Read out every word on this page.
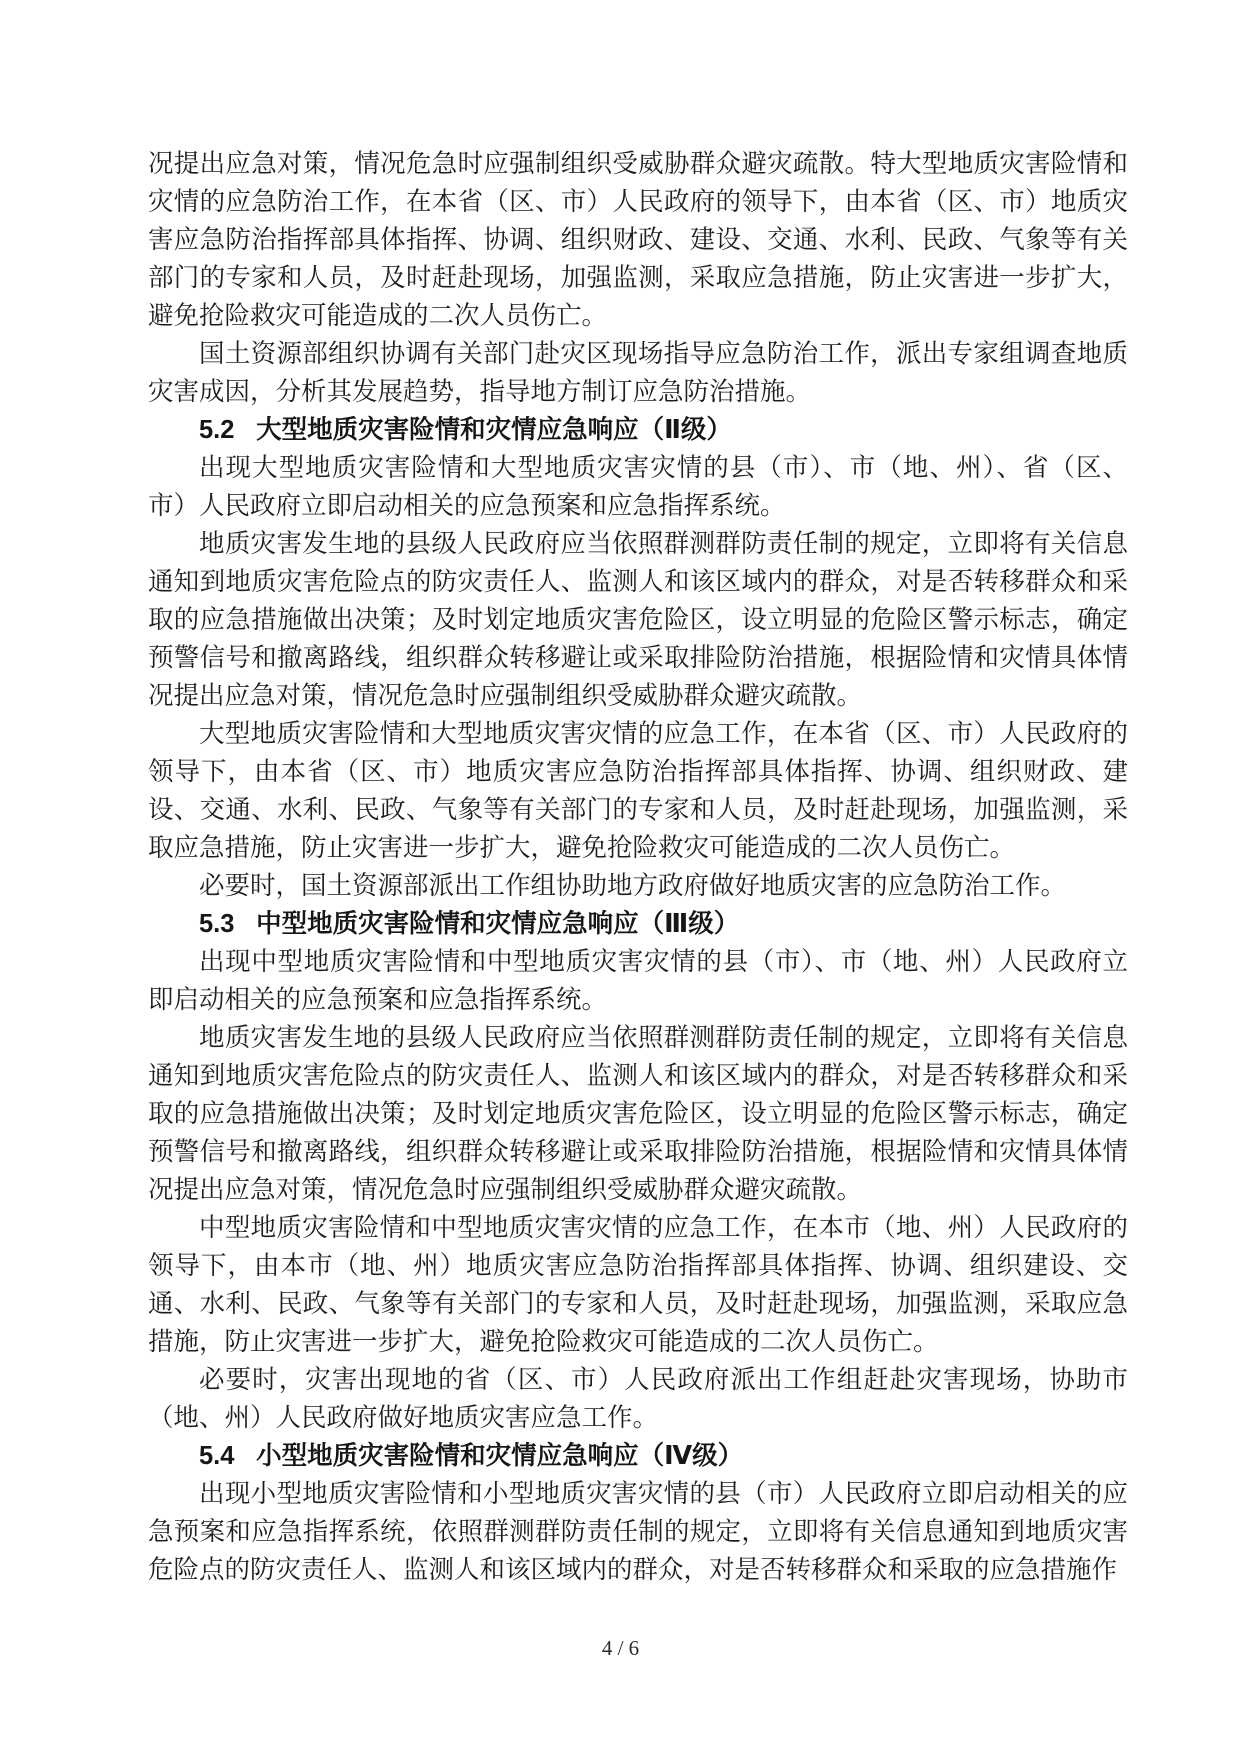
况提出应急对策，情况危急时应强制组织受威胁群众避灾疏散。特大型地质灾害险情和灾情的应急防治工作，在本省（区、市）人民政府的领导下，由本省（区、市）地质灾害应急防治指挥部具体指挥、协调、组织财政、建设、交通、水利、民政、气象等有关部门的专家和人员，及时赶赴现场，加强监测，采取应急措施，防止灾害进一步扩大，避免抢险救灾可能造成的二次人员伤亡。

国土资源部组织协调有关部门赴灾区现场指导应急防治工作，派出专家组调查地质灾害成因，分析其发展趋势，指导地方制订应急防治措施。

5.2 大型地质灾害险情和灾情应急响应（Ⅱ级）

出现大型地质灾害险情和大型地质灾害灾情的县（市）、市（地、州）、省（区、市）人民政府立即启动相关的应急预案和应急指挥系统。

地质灾害发生地的县级人民政府应当依照群测群防责任制的规定，立即将有关信息通知到地质灾害危险点的防灾责任人、监测人和该区域内的群众，对是否转移群众和采取的应急措施做出决策；及时划定地质灾害危险区，设立明显的危险区警示标志，确定预警信号和撤离路线，组织群众转移避让或采取排险防治措施，根据险情和灾情具体情况提出应急对策，情况危急时应强制组织受威胁群众避灾疏散。

大型地质灾害险情和大型地质灾害灾情的应急工作，在本省（区、市）人民政府的领导下，由本省（区、市）地质灾害应急防治指挥部具体指挥、协调、组织财政、建设、交通、水利、民政、气象等有关部门的专家和人员，及时赶赴现场，加强监测，采取应急措施，防止灾害进一步扩大，避免抢险救灾可能造成的二次人员伤亡。

必要时，国土资源部派出工作组协助地方政府做好地质灾害的应急防治工作。

5.3 中型地质灾害险情和灾情应急响应（Ⅲ级）

出现中型地质灾害险情和中型地质灾害灾情的县（市）、市（地、州）人民政府立即启动相关的应急预案和应急指挥系统。

地质灾害发生地的县级人民政府应当依照群测群防责任制的规定，立即将有关信息通知到地质灾害危险点的防灾责任人、监测人和该区域内的群众，对是否转移群众和采取的应急措施做出决策；及时划定地质灾害危险区，设立明显的危险区警示标志，确定预警信号和撤离路线，组织群众转移避让或采取排险防治措施，根据险情和灾情具体情况提出应急对策，情况危急时应强制组织受威胁群众避灾疏散。

中型地质灾害险情和中型地质灾害灾情的应急工作，在本市（地、州）人民政府的领导下，由本市（地、州）地质灾害应急防治指挥部具体指挥、协调、组织建设、交通、水利、民政、气象等有关部门的专家和人员，及时赶赴现场，加强监测，采取应急措施，防止灾害进一步扩大，避免抢险救灾可能造成的二次人员伤亡。

必要时，灾害出现地的省（区、市）人民政府派出工作组赶赴灾害现场，协助市（地、州）人民政府做好地质灾害应急工作。

5.4 小型地质灾害险情和灾情应急响应（Ⅳ级）

出现小型地质灾害险情和小型地质灾害灾情的县（市）人民政府立即启动相关的应急预案和应急指挥系统，依照群测群防责任制的规定，立即将有关信息通知到地质灾害危险点的防灾责任人、监测人和该区域内的群众，对是否转移群众和采取的应急措施作

4 / 6
